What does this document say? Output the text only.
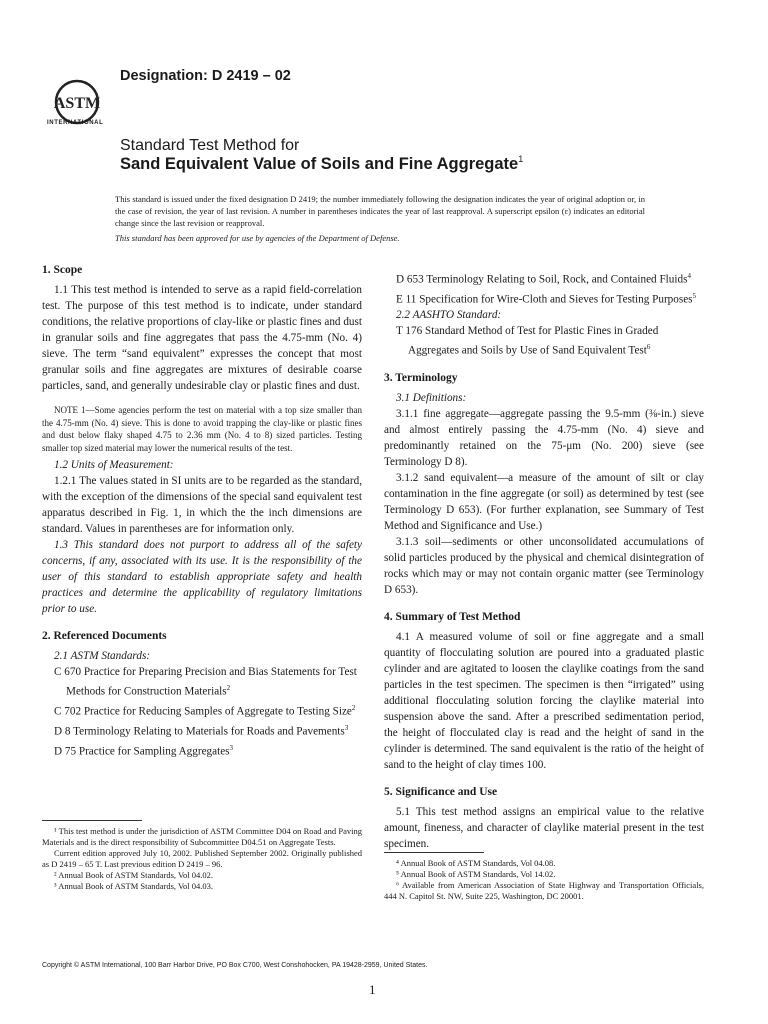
ASTM
INTERNATIONAL
Designation: D 2419 – 02
Standard Test Method for
Sand Equivalent Value of Soils and Fine Aggregate$^1$
This standard is issued under the fixed designation D 2419; the number immediately following the designation indicates the year of original adoption or, in the case of revision, the year of last revision. A number in parentheses indicates the year of last reapproval. A superscript epsilon (ε) indicates an editorial change since the last revision or reapproval.
This standard has been approved for use by agencies of the Department of Defense.

1. Scope

1.1 This test method is intended to serve as a rapid field-correlation test. The purpose of this test method is to indicate, under standard conditions, the relative proportions of clay-like or plastic fines and dust in granular soils and fine aggregates that pass the 4.75-mm (No. 4) sieve. The term “sand equivalent” expresses the concept that most granular soils and fine aggregates are mixtures of desirable coarse particles, sand, and generally undesirable clay or plastic fines and dust.

NOTE 1—Some agencies perform the test on material with a top size smaller than the 4.75-mm (No. 4) sieve. This is done to avoid trapping the clay-like or plastic fines and dust below flaky shaped 4.75 to 2.36 mm (No. 4 to 8) sized particles. Testing smaller top sized material may lower the numerical results of the test.

1.2 Units of Measurement:

1.2.1 The values stated in SI units are to be regarded as the standard, with the exception of the dimensions of the special sand equivalent test apparatus described in Fig. 1, in which the the inch dimensions are standard. Values in parentheses are for information only.

1.3 This standard does not purport to address all of the safety concerns, if any, associated with its use. It is the responsibility of the user of this standard to establish appropriate safety and health practices and determine the applicability of regulatory limitations prior to use.

2. Referenced Documents

2.1 ASTM Standards:

C 670 Practice for Preparing Precision and Bias Statements for Test Methods for Construction Materials$^2$

C 702 Practice for Reducing Samples of Aggregate to Testing Size$^2$

D 8 Terminology Relating to Materials for Roads and Pavements$^3$

D 75 Practice for Sampling Aggregates$^3$

¹ This test method is under the jurisdiction of ASTM Committee D04 on Road and Paving Materials and is the direct responsibility of Subcommittee D04.51 on Aggregate Tests.

Current edition approved July 10, 2002. Published September 2002. Originally published as D 2419 – 65 T. Last previous edition D 2419 – 96.

² Annual Book of ASTM Standards, Vol 04.02.

³ Annual Book of ASTM Standards, Vol 04.03.

D 653 Terminology Relating to Soil, Rock, and Contained Fluids$^4$

E 11 Specification for Wire-Cloth and Sieves for Testing Purposes$^5$

2.2 AASHTO Standard:

T 176 Standard Method of Test for Plastic Fines in Graded Aggregates and Soils by Use of Sand Equivalent Test$^6$

3. Terminology

3.1 Definitions:

3.1.1 fine aggregate—aggregate passing the 9.5-mm (⅜-in.) sieve and almost entirely passing the 4.75-mm (No. 4) sieve and predominantly retained on the 75-μm (No. 200) sieve (see Terminology D 8).

3.1.2 sand equivalent—a measure of the amount of silt or clay contamination in the fine aggregate (or soil) as determined by test (see Terminology D 653). (For further explanation, see Summary of Test Method and Significance and Use.)

3.1.3 soil—sediments or other unconsolidated accumulations of solid particles produced by the physical and chemical disintegration of rocks which may or may not contain organic matter (see Terminology D 653).

4. Summary of Test Method

4.1 A measured volume of soil or fine aggregate and a small quantity of flocculating solution are poured into a graduated plastic cylinder and are agitated to loosen the claylike coatings from the sand particles in the test specimen. The specimen is then “irrigated” using additional flocculating solution forcing the claylike material into suspension above the sand. After a prescribed sedimentation period, the height of flocculated clay is read and the height of sand in the cylinder is determined. The sand equivalent is the ratio of the height of sand to the height of clay times 100.

5. Significance and Use

5.1 This test method assigns an empirical value to the relative amount, fineness, and character of claylike material present in the test specimen.

⁴ Annual Book of ASTM Standards, Vol 04.08.

⁵ Annual Book of ASTM Standards, Vol 14.02.

⁶ Available from American Association of State Highway and Transportation Officials, 444 N. Capitol St. NW, Suite 225, Washington, DC 20001.

Copyright © ASTM International, 100 Barr Harbor Drive, PO Box C700, West Conshohocken, PA 19428-2959, United States.
1
